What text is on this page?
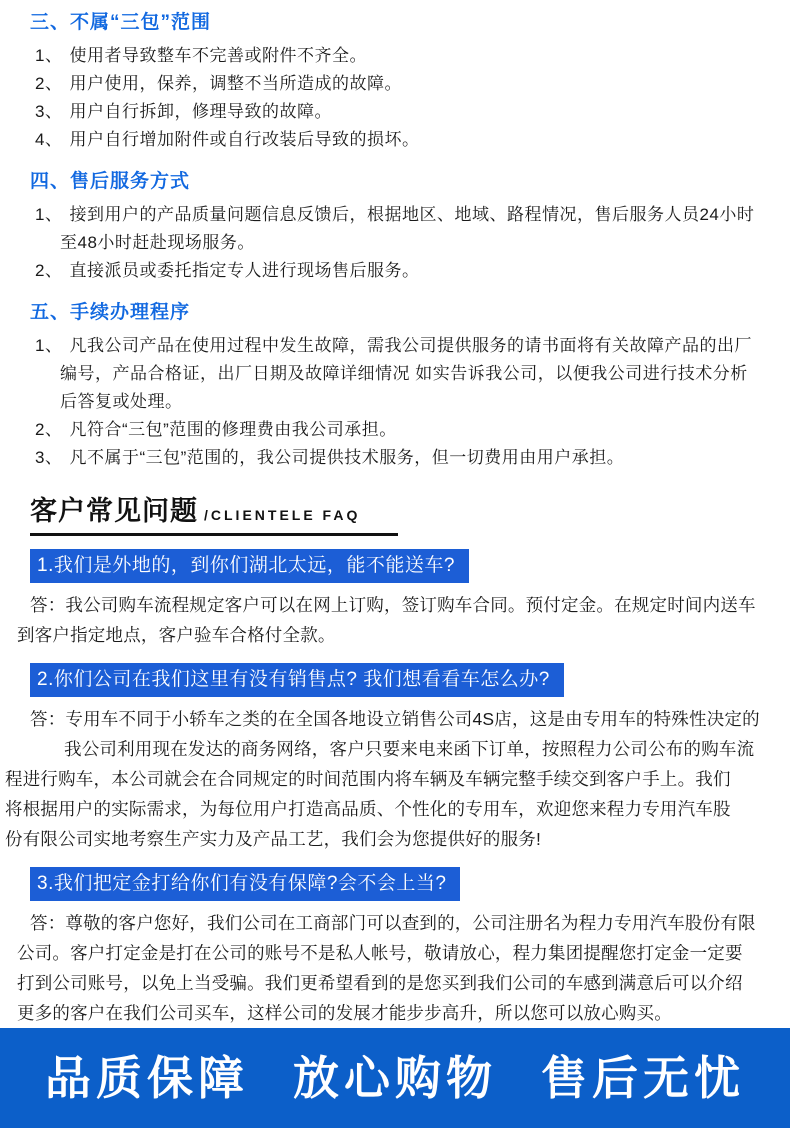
三、不属“三包”范围
1、 使用者导致整车不完善或附件不齐全。
2、 用户使用，保养，调整不当所造成的故障。
3、 用户自行拆卸，修理导致的故障。
4、 用户自行增加附件或自行改装后导致的损坏。
四、售后服务方式
1、 接到用户的产品质量问题信息反馈后，根据地区、地域、路程情况，售后服务人员24小时
至48小时赶赴现场服务。
2、 直接派员或委托指定专人进行现场售后服务。
五、手续办理程序
1、 凡我公司产品在使用过程中发生故障，需我公司提供服务的请书面将有关故障产品的出厂
编号，产品合格证，出厂日期及故障详细情况 如实告诉我公司，以便我公司进行技术分析
后答复或处理。
2、 凡符合“三包”范围的修理费由我公司承担。
3、 凡不属于“三包”范围的，我公司提供技术服务，但一切费用由用户承担。
客户常见问题 /CLIENTELE FAQ
1.我们是外地的，到你们湖北太远，能不能送车?
答：我公司购车流程规定客户可以在网上订购，签订购车合同。预付定金。在规定时间内送车
到客户指定地点，客户验车合格付全款。
2.你们公司在我们这里有没有销售点? 我们想看看车怎么办?
答：专用车不同于小轿车之类的在全国各地设立销售公司4S店，这是由专用车的特殊性决定的
我公司利用现在发达的商务网络，客户只要来电来函下订单，按照程力公司公布的购车流
程进行购车，本公司就会在合同规定的时间范围内将车辆及车辆完整手续交到客户手上。我们
将根据用户的实际需求，为每位用户打造高品质、个性化的专用车，欢迎您来程力专用汽车股
份有限公司实地考察生产实力及产品工艺，我们会为您提供好的服务!
3.我们把定金打给你们有没有保障?会不会上当?
答：尊敬的客户您好，我们公司在工商部门可以查到的，公司注册名为程力专用汽车股份有限
公司。客户打定金是打在公司的账号不是私人帐号，敬请放心，程力集团提醒您打定金一定要
打到公司账号，以免上当受骗。我们更希望看到的是您买到我们公司的车感到满意后可以介绍
更多的客户在我们公司买车，这样公司的发展才能步步高升，所以您可以放心购买。
品质保障 放心购物 售后无忧
